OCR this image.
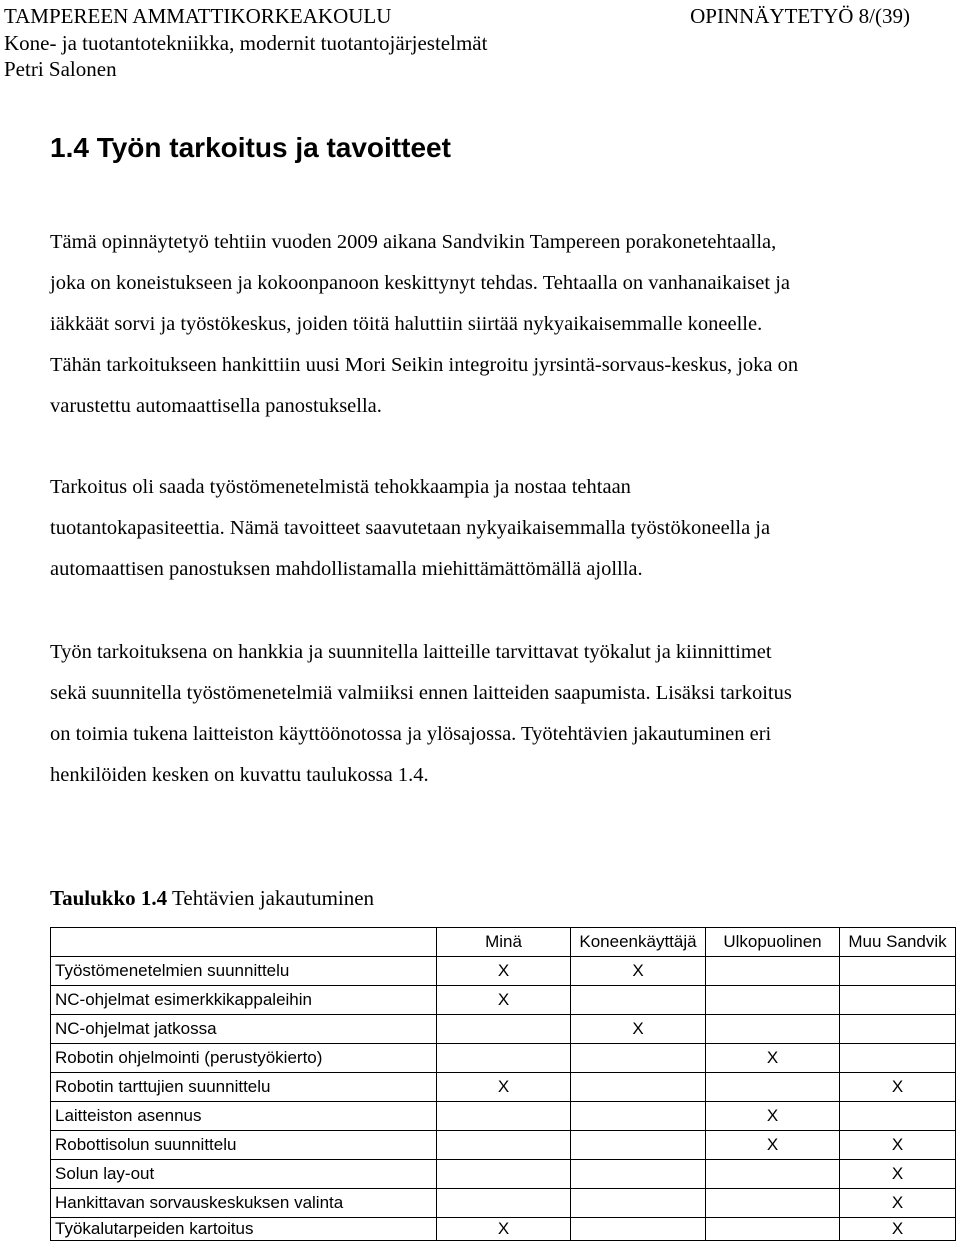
TAMPEREEN AMMATTIKORKEAKOULU	OPINNÄYTETYÖ 8/(39)
Kone- ja tuotantotekniikka, modernit tuotantojärjestelmät
Petri Salonen
1.4 Työn tarkoitus ja tavoitteet
Tämä opinnäytetyö tehtiin vuoden 2009 aikana Sandvikin Tampereen porakonetehtaalla,
joka on koneistukseen ja kokoonpanoon keskittynyt tehdas. Tehtaalla on vanhanaikaiset ja
iäkkäät sorvi ja työstökeskus, joiden töitä haluttiin siirtää nykyaikaisemmalle koneelle.
Tähän tarkoitukseen hankittiin uusi Mori Seikin integroitu jyrsintä-sorvaus-keskus, joka on
varustettu automaattisella panostuksella.
Tarkoitus oli saada työstömenetelmistä tehokkaampia ja nostaa tehtaan
tuotantokapasiteettia. Nämä tavoitteet saavutetaan nykyaikaisemmalla työstökoneella ja
automaattisen panostuksen mahdollistamalla miehittämättömällä ajollla.
Työn tarkoituksena on hankkia ja suunnitella laitteille tarvittavat työkalut ja kiinnittimet
sekä suunnitella työstömenetelmiä valmiiksi ennen laitteiden saapumista. Lisäksi tarkoitus
on toimia tukena laitteiston käyttöönotossa ja ylösajossa. Työtehtävien jakautuminen eri
henkilöiden kesken on kuvattu taulukossa 1.4.
Taulukko 1.4 Tehtävien jakautuminen
	Minä	Koneenkäyttäjä	Ulkopuolinen	Muu Sandvik
Työstömenetelmien suunnittelu	X	X		
NC-ohjelmat esimerkkikappaleihin	X			
NC-ohjelmat jatkossa		X		
Robotin ohjelmointi (perustyökierto)			X	
Robotin tarttujien suunnittelu	X			X
Laitteiston asennus			X	
Robottisolun suunnittelu			X	X
Solun lay-out				X
Hankittavan sorvauskeskuksen valinta				X
Työkalutarpeiden kartoitus	X			X
